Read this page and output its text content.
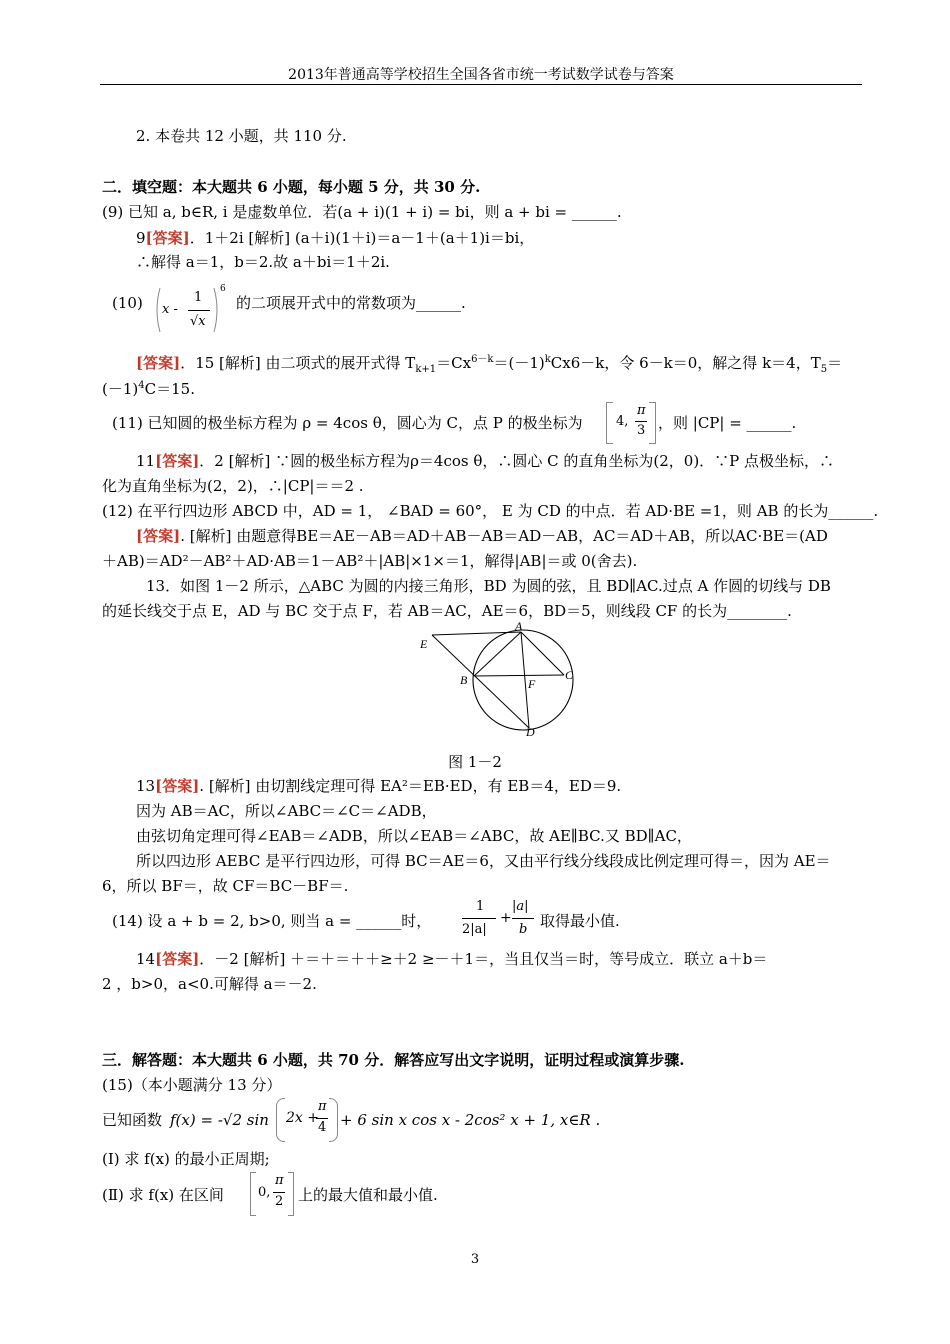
2013年普通高等学校招生全国各省市统一考试数学试卷与答案
2. 本卷共 12 小题，共 110 分.
二．填空题：本大题共 6 小题，每小题 5 分，共 30 分.
(9) 已知 a, b∈R, i 是虚数单位．若(a + i)(1 + i) = bi，则 a + bi = ______.
9[答案]．1＋2i [解析] (a＋i)(1＋i)＝a－1＋(a＋1)i＝bi，
∴解得 a＝1，b＝2.故 a＋bi＝1＋2i.
(10) x -
1
√x
6
的二项展开式中的常数项为______.
[答案]．15 [解析] 由二项式的展开式得 $T_{k+1}=Cx^{6-k}=(-1)^kCx6-k$，令 6－k＝0，解之得 k＝4，$T_5=$
$(-1)^4C=15$.
(11) 已知圆的极坐标方程为 ρ = 4cos θ，圆心为 C，点 P 的极坐标为	4,
π
3 ，则 |CP| = ______.
11[答案]．2 [解析] ∵圆的极坐标方程为ρ＝4cos θ，∴圆心 C 的直角坐标为(2，0)．∵P 点极坐标，∴
化为直角坐标为(2，2)，∴|CP|＝＝2 .
(12) 在平行四边形 ABCD 中，AD = 1， ∠BAD = 60°， E 为 CD 的中点．若 AD·BE =1，则 AB 的长为______.
[答案]. [解析] 由题意得BE＝AE－AB＝AD＋AB－AB＝AD－AB，AC＝AD＋AB，所以AC·BE＝(AD
＋AB)＝AD²－AB²＋AD·AB＝1－AB²＋|AB|×1×＝1，解得|AB|＝或 0(舍去).
13．如图 1－2 所示，△ABC 为圆的内接三角形，BD 为圆的弦，且 BD∥AC.过点 A 作圆的切线与 DB
的延长线交于点 E，AD 与 BC 交于点 F，若 AB＝AC，AE＝6，BD＝5，则线段 CF 的长为________.
E
A
B	C
F
D
图 1－2
13[答案]. [解析] 由切割线定理可得 EA²＝EB·ED，有 EB＝4，ED＝9.
因为 AB＝AC，所以∠ABC＝∠C＝∠ADB，
由弦切角定理可得∠EAB＝∠ADB，所以∠EAB＝∠ABC，故 AE∥BC.又 BD∥AC，
所以四边形 AEBC 是平行四边形，可得 BC＝AE＝6，又由平行线分线段成比例定理可得＝，因为 AE＝
6，所以 BF＝，故 CF＝BC－BF＝.
(14) 设 a + b = 2, b>0, 则当 a = ______时，
1
2|a|
+
|a|
b 取得最小值.
14[答案]．－2 [解析] ＋＝＋＝＋＋≥＋2 ≥－＋1＝，当且仅当＝时，等号成立．联立 a＋b＝
2 ，b>0，a<0.可解得 a＝－2.
三．解答题：本大题共 6 小题，共 70 分．解答应写出文字说明，证明过程或演算步骤.
(15)（本小题满分 13 分）
已知函数 f(x) = -√2 sin 2x +
π
4 + 6 sin x cos x - 2cos² x + 1, x∈R .
(Ⅰ) 求 f(x) 的最小正周期;
(Ⅱ) 求 f(x) 在区间	0,
π
2 上的最大值和最小值.
3
